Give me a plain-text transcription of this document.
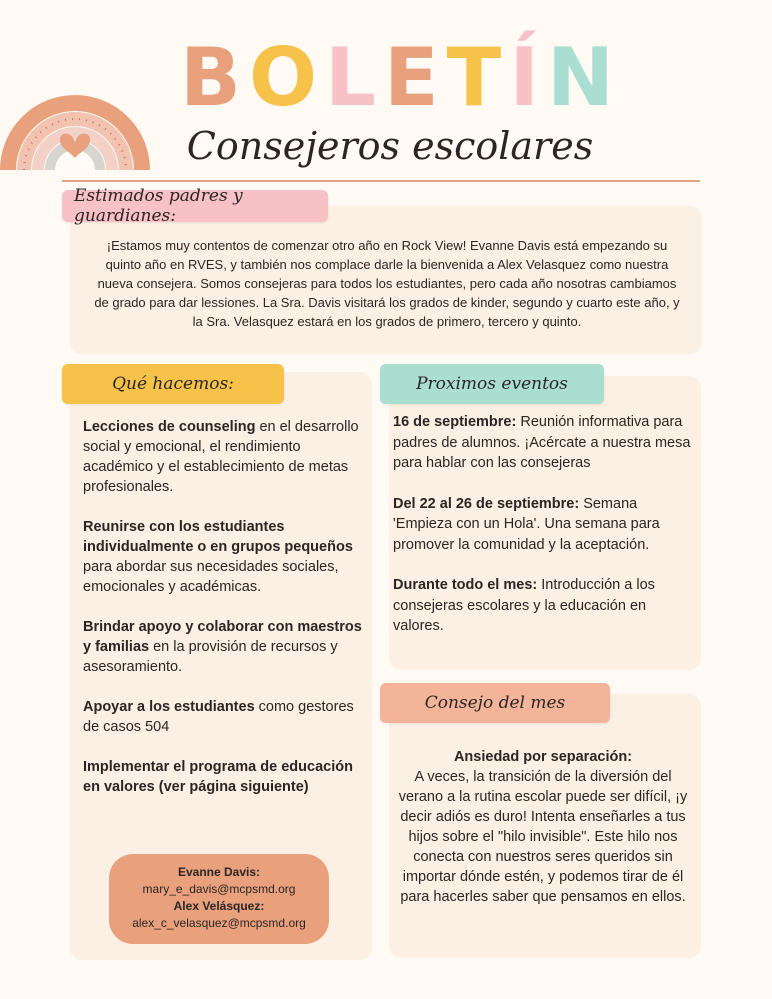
BOLETÍN
Consejeros escolares
Estimados padres y guardianes:
¡Estamos muy contentos de comenzar otro año en Rock View! Evanne Davis está empezando su quinto año en RVES, y también nos complace darle la bienvenida a Alex Velasquez como nuestra nueva consejera. Somos consejeras para todos los estudiantes, pero cada año nosotras cambiamos de grado para dar lessiones. La Sra. Davis visitará los grados de kinder, segundo y cuarto este año, y la Sra. Velasquez estará en los grados de primero, tercero y quinto.
Qué hacemos:
Lecciones de counseling en el desarrollo social y emocional, el rendimiento académico y el establecimiento de metas profesionales.
Reunirse con los estudiantes individualmente o en grupos pequeños para abordar sus necesidades sociales, emocionales y académicas.
Brindar apoyo y colaborar con maestros y familias en la provisión de recursos y asesoramiento.
Apoyar a los estudiantes como gestores de casos 504
Implementar el programa de educación en valores (ver página siguiente)
Evanne Davis:
mary_e_davis@mcpsmd.org
Alex Velásquez:
alex_c_velasquez@mcpsmd.org
Proximos eventos
16 de septiembre: Reunión informativa para padres de alumnos. ¡Acércate a nuestra mesa para hablar con las consejeras
Del 22 al 26 de septiembre: Semana 'Empieza con un Hola'. Una semana para promover la comunidad y la aceptación.
Durante todo el mes: Introducción a los consejeras escolares y la educación en valores.
Consejo del mes
Ansiedad por separación:
A veces, la transición de la diversión del verano a la rutina escolar puede ser difícil, ¡y decir adiós es duro! Intenta enseñarles a tus hijos sobre el "hilo invisible". Este hilo nos conecta con nuestros seres queridos sin importar dónde estén, y podemos tirar de él para hacerles saber que pensamos en ellos.
